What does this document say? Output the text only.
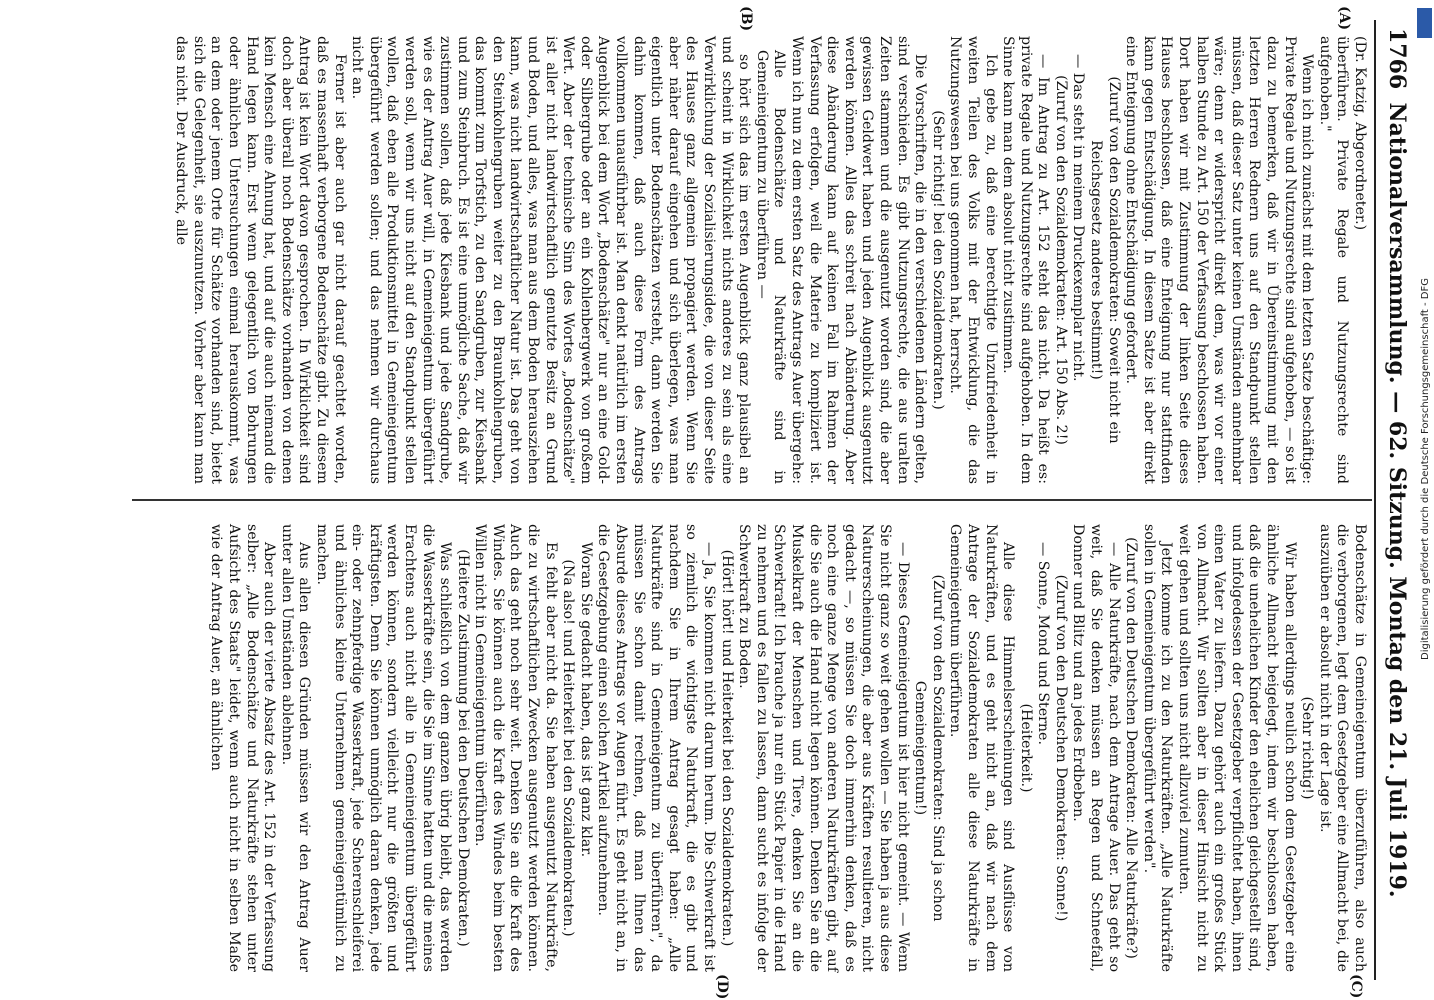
1766
Nationalversammlung. — 62. Sitzung. Montag den 21. Juli 1919.
(A)
(B)
(C)
(D)

(Dr. Katzig, Abgeordneter.)

überführen. Private Regale und Nutzungsrechte sind aufgehoben."

Wenn ich mich zunächst mit dem letzten Satze beschäftige: Private Regale und Nutzungsrechte sind aufgehoben, — so ist dazu zu bemerken, daß wir in Übereinstimmung mit den letzten Herren Rednern uns auf den Standpunkt stellen müssen, daß dieser Satz unter keinen Umständen annehmbar wäre; denn er widerspricht direkt dem, was wir vor einer halben Stunde zu Art. 150 der Verfassung beschlossen haben. Dort haben wir mit Zustimmung der linken Seite dieses Hauses beschlossen, daß eine Enteignung nur stattfinden kann gegen Entschädigung. In diesem Satze ist aber direkt eine Enteignung ohne Entschädigung gefordert.

(Zuruf von den Sozialdemokraten: Soweit nicht ein Reichsgesetz anderes bestimmt!)

— Das steht in meinem Druckexemplar nicht.

(Zuruf von den Sozialdemokraten: Art. 150 Abs. 2!)

— Im Antrag zu Art. 152 steht das nicht. Da heißt es: private Regale und Nutzungsrechte sind aufgehoben. In dem Sinne kann man dem absolut nicht zustimmen.

Ich gebe zu, daß eine berechtigte Unzufriedenheit in weiten Teilen des Volks mit der Entwicklung, die das Nutzungswesen bei uns genommen hat, herrscht.

(Sehr richtig! bei den Sozialdemokraten.)

Die Vorschriften, die in den verschiedenen Ländern gelten, sind verschieden. Es gibt Nutzungsrechte, die aus uralten Zeiten stammen und die ausgenutzt worden sind, die aber gewissen Geldwert haben und jeden Augenblick ausgenutzt werden können. Alles das schreit nach Abänderung. Aber diese Abänderung kann auf keinen Fall im Rahmen der Verfassung erfolgen, weil die Materie zu kompliziert ist. Wenn ich nun zu dem ersten Satz des Antrags Auer übergehe:

Alle Bodenschätze und Naturkräfte sind in Gemeineigentum zu überführen —

so hört sich das im ersten Augenblick ganz plausibel an und scheint in Wirklichkeit nichts anderes zu sein als eine Verwirklichung der Sozialisierungsidee, die von dieser Seite des Hauses ganz allgemein propagiert werden. Wenn Sie aber näher darauf eingehen und sich überlegen, was man eigentlich unter Bodenschätzen versteht, dann werden Sie dahin kommen, daß auch diese Form des Antrags vollkommen unausführbar ist. Man denkt natürlich im ersten Augenblick bei dem Wort „Bodenschätze" nur an eine Gold- oder Silbergrube oder an ein Kohlenbergwerk von großem Wert. Aber der technische Sinn des Wortes „Bodenschätze" ist aller nicht landwirtschaftlich genutzte Besitz an Grund und Boden, und alles, was man aus dem Boden herausziehen kann, was nicht landwirtschaftlicher Natur ist. Das geht von den Steinkohlengruben weiter zu den Braunkohlengruben, das kommt zum Torfstich, zu den Sandgruben, zur Kiesbank und zum Steinbruch. Es ist eine unmögliche Sache, daß wir zustimmen sollen, daß jede Kiesbank und jede Sandgrube, wie es der Antrag Auer will, in Gemeineigentum übergeführt werden soll, wenn wir uns nicht auf den Standpunkt stellen wollen, daß eben alle Produktionsmittel in Gemeineigentum übergeführt werden sollen; und das nehmen wir durchaus nicht an.

Ferner ist aber auch gar nicht darauf geachtet worden, daß es massenhaft verborgene Bodenschätze gibt. Zu diesem Antrag ist kein Wort davon gesprochen. In Wirklichkeit sind doch aber überall noch Bodenschätze vorhanden von denen kein Mensch eine Ahnung hat, und auf die auch niemand die Hand legen kann. Erst wenn gelegentlich von Bohrungen oder ähnlichen Untersuchungen einmal herauskommt, was an dem oder jenem Orte für Schätze vorhanden sind, bietet sich die Gelegenheit, sie auszunutzen. Vorher aber kann man das nicht. Der Ausdruck, alle

Bodenschätze in Gemeineigentum überzuführen, also auch die verborgenen, legt dem Gesetzgeber eine Allmacht bei, die auszuüben er absolut nicht in der Lage ist.

(Sehr richtig!)

Wir haben allerdings neulich schon dem Gesetzgeber eine ähnliche Allmacht beigelegt, indem wir beschlossen haben, daß die unehelichen Kinder den ehelichen gleichgestellt sind, und infolgedessen der Gesetzgeber verpflichtet haben, ihnen einen Vater zu liefern. Dazu gehört auch ein großes Stück von Allmacht. Wir sollten aber in dieser Hinsicht nicht zu weit gehen und sollten uns nicht allzuviel zumuten.

Jetzt komme ich zu den Naturkräften. „Alle Naturkräfte sollen in Gemeineigentum übergeführt werden".

(Zuruf von den Deutschen Demokraten: Alle Naturkräfte?)

— Alle Naturkräfte, nach dem Antrage Auer. Das geht so weit, daß Sie denken müssen an Regen und Schneefall, Donner und Blitz und an jedes Erdbeben.

(Zuruf von den Deutschen Demokraten: Sonne!)

— Sonne, Mond und Sterne.

(Heiterkeit.)

Alle diese Himmelserscheinungen sind Ausflüsse von Naturkräften, und es geht nicht an, daß wir nach dem Antrage der Sozialdemokraten alle diese Naturkräfte in Gemeineigentum überführen.

(Zuruf von den Sozialdemokraten: Sind ja schon Gemeineigentum!)

— Dieses Gemeineigentum ist hier nicht gemeint. — Wenn Sie nicht ganz so weit gehen wollen — Sie haben ja aus diese Naturerscheinungen, die aber aus Kräften resultieren, nicht gedacht —, so müssen Sie doch immerhin denken, daß es noch eine ganze Menge von anderen Naturkräften gibt, auf die Sie auch die Hand nicht legen können. Denken Sie an die Muskelkraft der Menschen und Tiere, denken Sie an die Schwerkraft! Ich brauche ja nur ein Stück Papier in die Hand zu nehmen und es fallen zu lassen, dann sucht es infolge der Schwerkraft zu Boden.

(Hört! hört! und Heiterkeit bei den Sozialdemokraten.)

— Ja, Sie kommen nicht darum herum. Die Schwerkraft ist so ziemlich die wichtigste Naturkraft, die es gibt und nachdem Sie in Ihrem Antrag gesagt haben: „Alle Naturkräfte sind in Gemeineigentum zu überführen", da müssen Sie schon damit rechnen, daß man Ihnen das Absurde dieses Antrags vor Augen führt. Es geht nicht an, in die Gesetzgebung einen solchen Artikel aufzunehmen.

Woran Sie gedacht haben, das ist ganz klar.

(Na also! und Heiterkeit bei den Sozialdemokraten.)

Es fehlt aber nicht da. Sie haben ausgenutzt Naturkräfte, die zu wirtschaftlichen Zwecken ausgenutzt werden können. Auch das geht noch sehr weit. Denken Sie an die Kraft des Windes. Sie können auch die Kraft des Windes beim besten Willen nicht in Gemeineigentum überführen.

(Heitere Zustimmung bei den Deutschen Demokraten.)

Was schließlich von dem ganzen übrig bleibt, das werden die Wasserkräfte sein, die Sie im Sinne hatten und die meines Erachtens auch nicht alle in Gemeineigentum übergeführt werden können, sondern vielleicht nur die größten und kräftigsten. Denn Sie können unmöglich daran denken, jede ein- oder zehnpferdige Wasserkraft, jede Scherenschleiferei und ähnliches kleine Unternehmen gemeineigentümlich zu machen.

Aus allen diesen Gründen müssen wir den Antrag Auer unter allen Umständen ablehnen.

Aber auch der vierte Absatz des Art. 152 in der Verfassung selber: „Alle Bodenschätze und Naturkräfte stehen unter Aufsicht des Staats" leidet, wenn auch nicht in selben Maße wie der Antrag Auer, an ähnlichen	Digitalisierung gefördert durch die Deutsche Forschungsgemeinschaft - DFG
